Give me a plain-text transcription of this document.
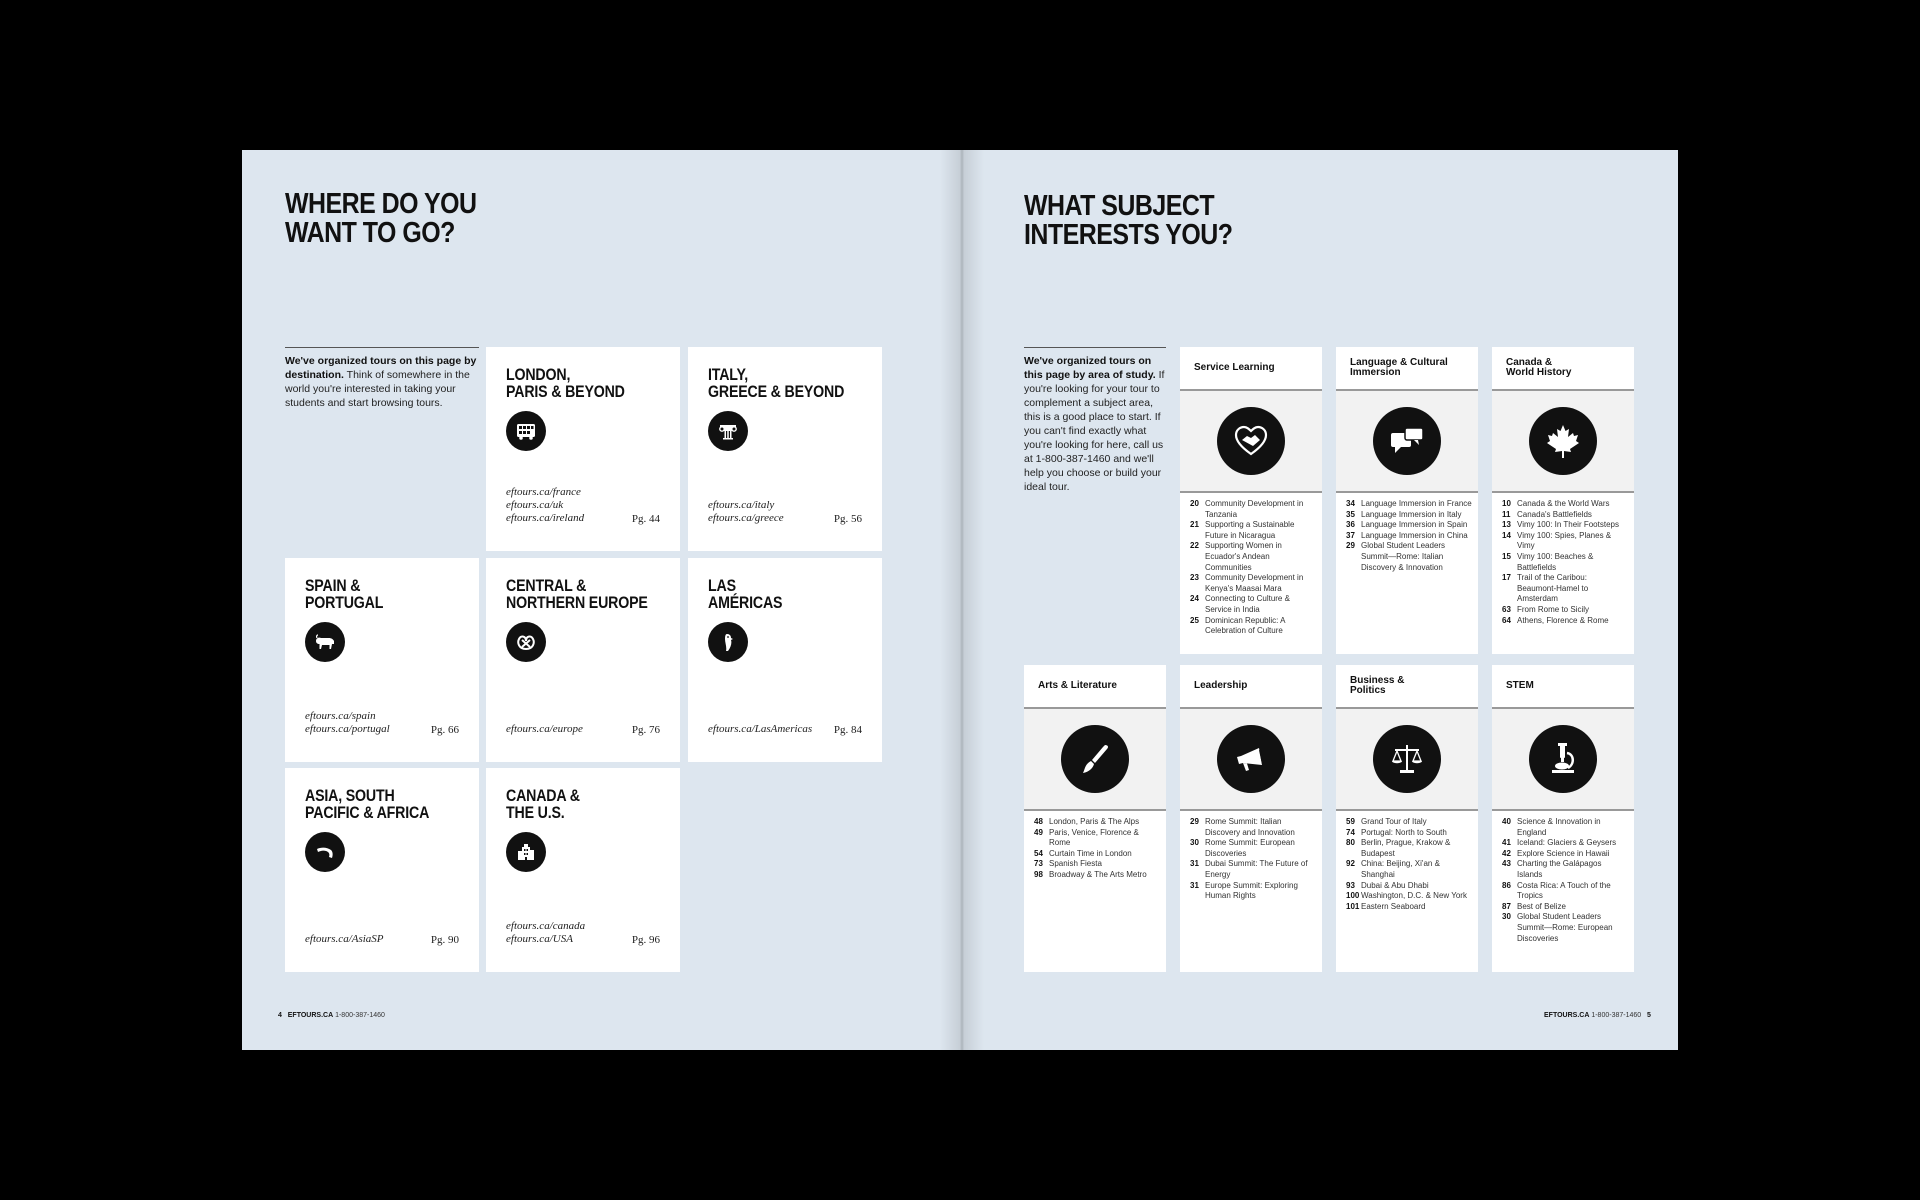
WHERE DO YOU
WANT TO GO?
We've organized tours on this page by destination. Think of somewhere in the world you're interested in taking your students and start browsing tours.
LONDON,
PARIS & BEYOND
eftours.ca/france
eftours.ca/uk
eftours.ca/ireland	Pg. 44
ITALY,
GREECE & BEYOND
eftours.ca/italy
eftours.ca/greece	Pg. 56
SPAIN &
PORTUGAL
eftours.ca/spain
eftours.ca/portugal	Pg. 66
CENTRAL &
NORTHERN EUROPE
eftours.ca/europe	Pg. 76
LAS
AMÉRICAS
eftours.ca/LasAmericas Pg. 84
ASIA, SOUTH
PACIFIC & AFRICA
eftours.ca/AsiaSP	Pg. 90
CANADA &
THE U.S.
eftours.ca/canada
eftours.ca/USA	Pg. 96
4 EFTOURS.CA 1-800-387-1460
WHAT SUBJECT
INTERESTS YOU?
We've organized tours on this page by area of study. If you're looking for your tour to complement a subject area, this is a good place to start. If you can't find exactly what you're looking for here, call us at 1-800-387-1460 and we'll help you choose or build your ideal tour.
Service Learning
20 Community Development in Tanzania
21 Supporting a Sustainable Future in Nicaragua
22 Supporting Women in Ecuador's Andean Communities
23 Community Development in Kenya's Maasai Mara
24 Connecting to Culture & Service in India
25 Dominican Republic: A Celebration of Culture
Language & Cultural
Immersion
34 Language Immersion in France
35 Language Immersion in Italy
36 Language Immersion in Spain
37 Language Immersion in China
29 Global Student Leaders Summit—Rome: Italian Discovery & Innovation
Canada &
World History
10 Canada & the World Wars
11 Canada's Battlefields
13 Vimy 100: In Their Footsteps
14 Vimy 100: Spies, Planes & Vimy
15 Vimy 100: Beaches & Battlefields
17 Trail of the Caribou: Beaumont-Hamel to Amsterdam
63 From Rome to Sicily
64 Athens, Florence & Rome
Arts & Literature
48 London, Paris & The Alps
49 Paris, Venice, Florence & Rome
54 Curtain Time in London
73 Spanish Fiesta
98 Broadway & The Arts Metro
Leadership
29 Rome Summit: Italian Discovery and Innovation
30 Rome Summit: European Discoveries
31 Dubai Summit: The Future of Energy
31 Europe Summit: Exploring Human Rights
Business &
Politics
59 Grand Tour of Italy
74 Portugal: North to South
80 Berlin, Prague, Krakow & Budapest
92 China: Beijing, Xi'an & Shanghai
93 Dubai & Abu Dhabi
100 Washington, D.C. & New York
101 Eastern Seaboard
STEM
40 Science & Innovation in England
41 Iceland: Glaciers & Geysers
42 Explore Science in Hawaii
43 Charting the Galápagos Islands
86 Costa Rica: A Touch of the Tropics
87 Best of Belize
30 Global Student Leaders Summit—Rome: European Discoveries
EFTOURS.CA 1-800-387-1460 5
